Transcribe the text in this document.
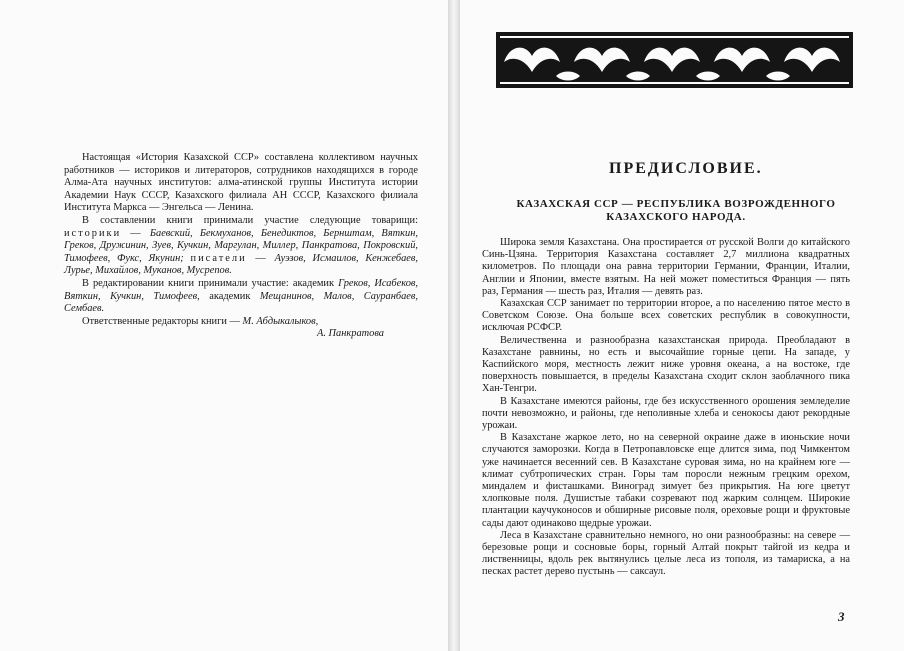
Настоящая «История Казахской ССР» составлена коллективом научных работников — историков и литераторов, сотрудников находящихся в городе Алма-Ата научных институтов: алма-атинской группы Института истории Академии Наук СССР, Казахского филиала АН СССР, Казахского филиала Института Маркса — Энгельса — Ленина.

В составлении книги принимали участие следующие товарищи: историки — Баевский, Бекмуханов, Бенедиктов, Бернштам, Вяткин, Греков, Дружинин, Зуев, Кучкин, Маргулан, Миллер, Панкратова, Покровский, Тимофеев, Фукс, Якунин; писатели — Ауэзов, Исмаилов, Кенжебаев, Лурье, Михайлов, Муканов, Мусрепов.

В редактировании книги принимали участие: академик Греков, Исабеков, Вяткин, Кучкин, Тимофеев, академик Мещанинов, Малов, Сауранбаев, Сембаев.

Ответственные редакторы книги — М. Абдыкалыков,

А. Панкратова

ПРЕДИСЛОВИЕ.
КАЗАХСКАЯ ССР — РЕСПУБЛИКА ВОЗРОЖДЕННОГО КАЗАХСКОГО НАРОДА.

Широка земля Казахстана. Она простирается от русской Волги до китайского Синь-Цзяна. Территория Казахстана составляет 2,7 миллиона квадратных километров. По площади она равна территории Германии, Франции, Италии, Англии и Японии, вместе взятым. На ней может поместиться Франция — пять раз, Германия — шесть раз, Италия — девять раз.

Казахская ССР занимает по территории второе, а по населению пятое место в Советском Союзе. Она больше всех советских республик в совокупности, исключая РСФСР.

Величественна и разнообразна казахстанская природа. Преобладают в Казахстане равнины, но есть и высочайшие горные цепи. На западе, у Каспийского моря, местность лежит ниже уровня океана, а на востоке, где поверхность повышается, в пределы Казахстана сходит склон заоблачного пика Хан-Тенгри.

В Казахстане имеются районы, где без искусственного орошения земледелие почти невозможно, и районы, где неполивные хлеба и сенокосы дают рекордные урожаи.

В Казахстане жаркое лето, но на северной окраине даже в июньские ночи случаются заморозки. Когда в Петропавловске еще длится зима, под Чимкентом уже начинается весенний сев. В Казахстане суровая зима, но на крайнем юге — климат субтропических стран. Горы там поросли нежным грецким орехом, миндалем и фисташками. Виноград зимует без прикрытия. На юге цветут хлопковые поля. Душистые табаки созревают под жарким солнцем. Широкие плантации каучуконосов и обширные рисовые поля, ореховые рощи и фруктовые сады дают одинаково щедрые урожаи.

Леса в Казахстане сравнительно немного, но они разнообразны: на севере — березовые рощи и сосновые боры, горный Алтай покрыт тайгой из кедра и лиственницы, вдоль рек вытянулись целые леса из тополя, из тамариска, а на песках растет дерево пустынь — саксаул.

3
